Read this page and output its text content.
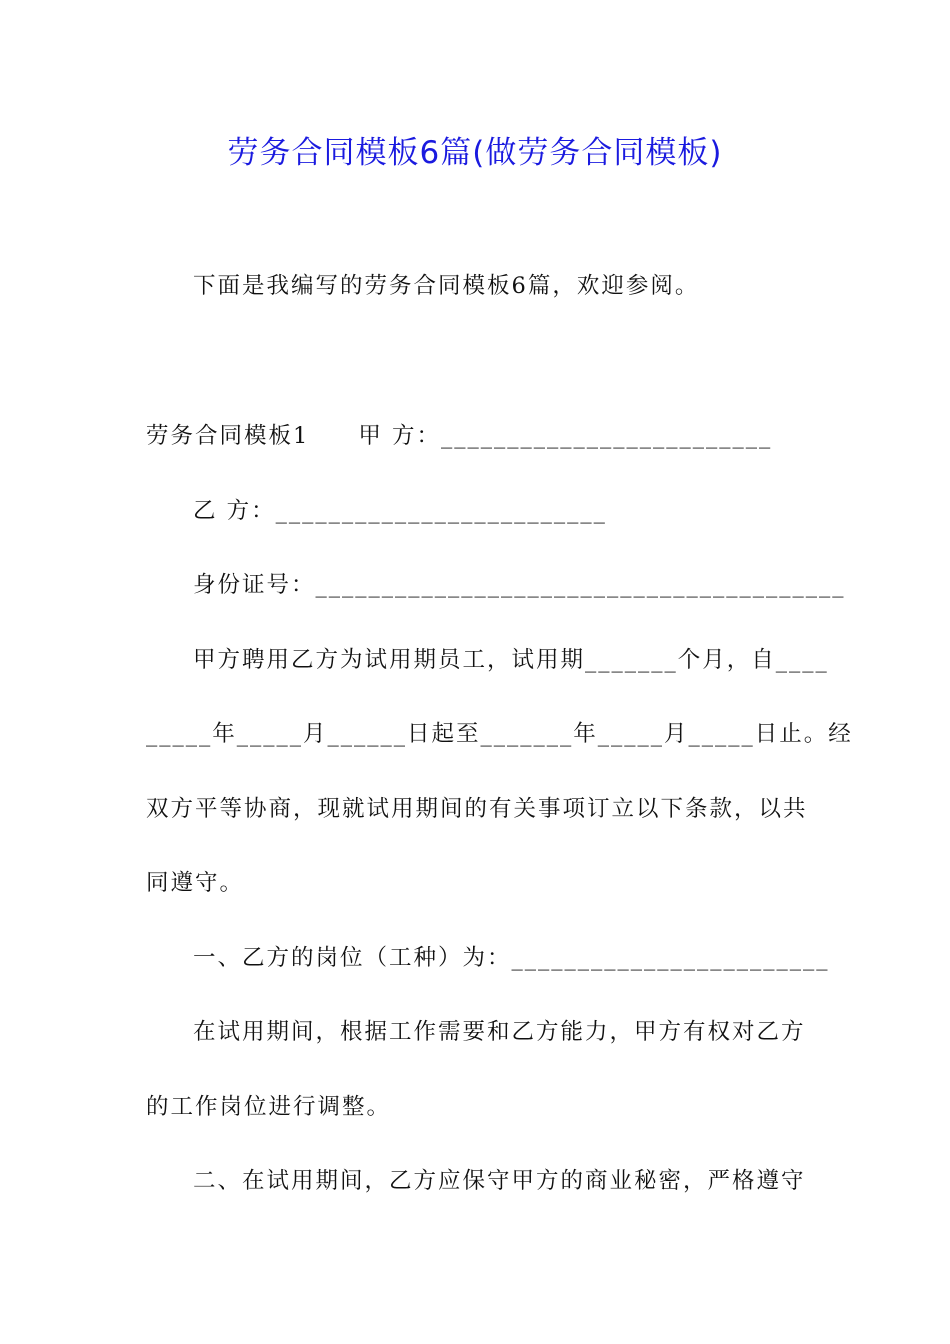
劳务合同模板6篇(做劳务合同模板)

下面是我编写的劳务合同模板6篇，欢迎参阅。

劳务合同模板1　　甲 方：_________________________

乙 方：_________________________

身份证号：________________________________________

甲方聘用乙方为试用期员工，试用期_______个月，自____

_____年_____月______日起至_______年_____月_____日止。经

双方平等协商，现就试用期间的有关事项订立以下条款，以共

同遵守。

一、乙方的岗位（工种）为：________________________

在试用期间，根据工作需要和乙方能力，甲方有权对乙方

的工作岗位进行调整。

二、在试用期间，乙方应保守甲方的商业秘密，严格遵守
